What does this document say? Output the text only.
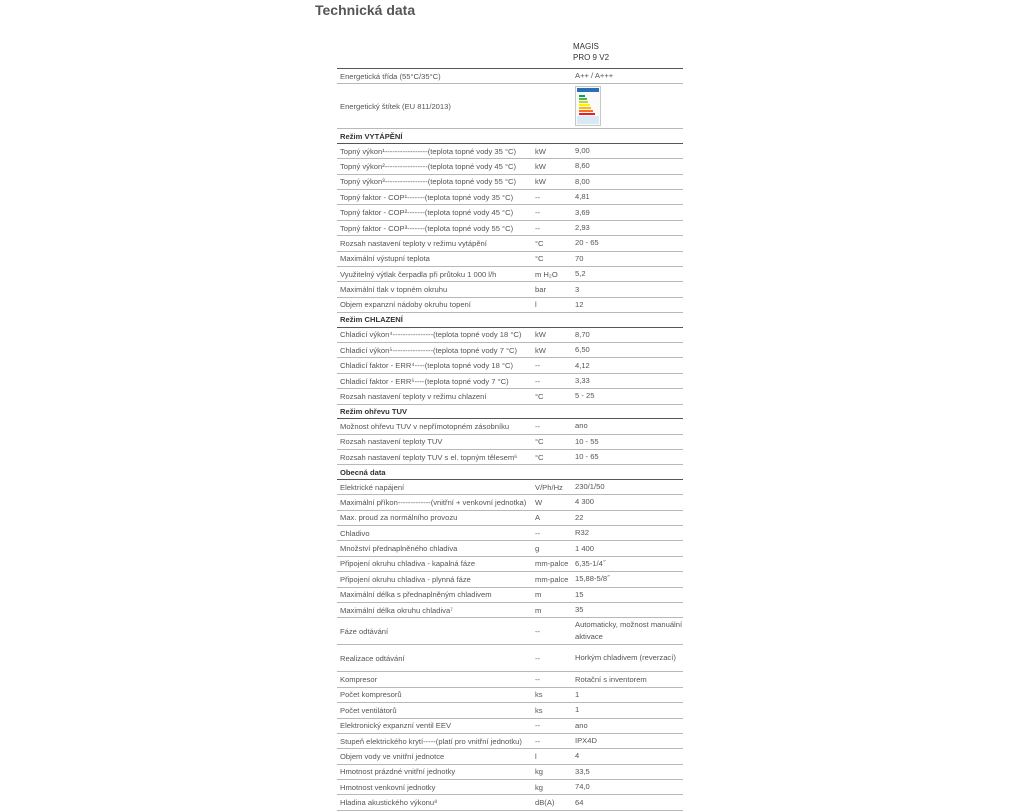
Technická data
MAGIS
PRO 9 V2
Energetická třída (55°C/35°C)	A++ / A+++
Energetický štítek (EU 811/2013)
Režim VYTÁPĚNÍ
Topný výkon¹-----------------(teplota topné vody 35 °C)	kW	9,00
Topný výkon²-----------------(teplota topné vody 45 °C)	kW	8,60
Topný výkon³-----------------(teplota topné vody 55 °C)	kW	8,00
Topný faktor - COP¹-------(teplota topné vody 35 °C)	--	4,81
Topný faktor - COP²-------(teplota topné vody 45 °C)	--	3,69
Topný faktor - COP³-------(teplota topné vody 55 °C)	--	2,93
Rozsah nastavení teploty v režimu vytápění	°C	20 - 65
Maximální výstupní teplota	°C	70
Využitelný výtlak čerpadla při průtoku 1 000 l/h	m H₂O	5,2
Maximální tlak v topném okruhu	bar	3
Objem expanzní nádoby okruhu topení	l	12
Režim CHLAZENÍ
Chladicí výkon⁴----------------(teplota topné vody 18 °C)	kW	8,70
Chladicí výkon⁵----------------(teplota topné vody 7 °C)	kW	6,50
Chladicí faktor - ERR⁴----(teplota topné vody 18 °C)	--	4,12
Chladicí faktor - ERR⁵----(teplota topné vody 7 °C)	--	3,33
Rozsah nastavení teploty v režimu chlazení	°C	5 - 25
Režim ohřevu TUV
Možnost ohřevu TUV v nepřímotopném zásobníku	--	ano
Rozsah nastavení teploty TUV	°C	10 - 55
Rozsah nastavení teploty TUV s el. topným tělesem⁶	°C	10 - 65
Obecná data
Elektrické napájení	V/Ph/Hz	230/1/50
Maximální příkon-------------(vnitřní + venkovní jednotka)	W	4 300
Max. proud za normálního provozu	A	22
Chladivo	--	R32
Množství přednaplněného chladiva	g	1 400
Připojení okruhu chladiva - kapalná fáze	mm-palce 6,35-1/4˝
Připojení okruhu chladiva - plynná fáze	mm-palce 15,88-5/8˝
Maximální délka s přednaplněným chladivem	m	15
Maximální délka okruhu chladiva⁷	m	35
Fáze odtávání	--
Automaticky, možnost manuální aktivace
Realizace odtávání	--	Horkým chladivem (reverzací)
Kompresor	--	Rotační s inventorem
Počet kompresorů	ks	1
Počet ventilátorů	ks	1
Elektronický expanzní ventil EEV	--	ano
Stupeň elektrického krytí-----(platí pro vnitřní jednotku)	--	IPX4D
Objem vody ve vnitřní jednotce	l	4
Hmotnost prázdné vnitřní jednotky	kg	33,5
Hmotnost venkovní jednotky	kg	74,0
Hladina akustického výkonu⁸	dB(A)	64
